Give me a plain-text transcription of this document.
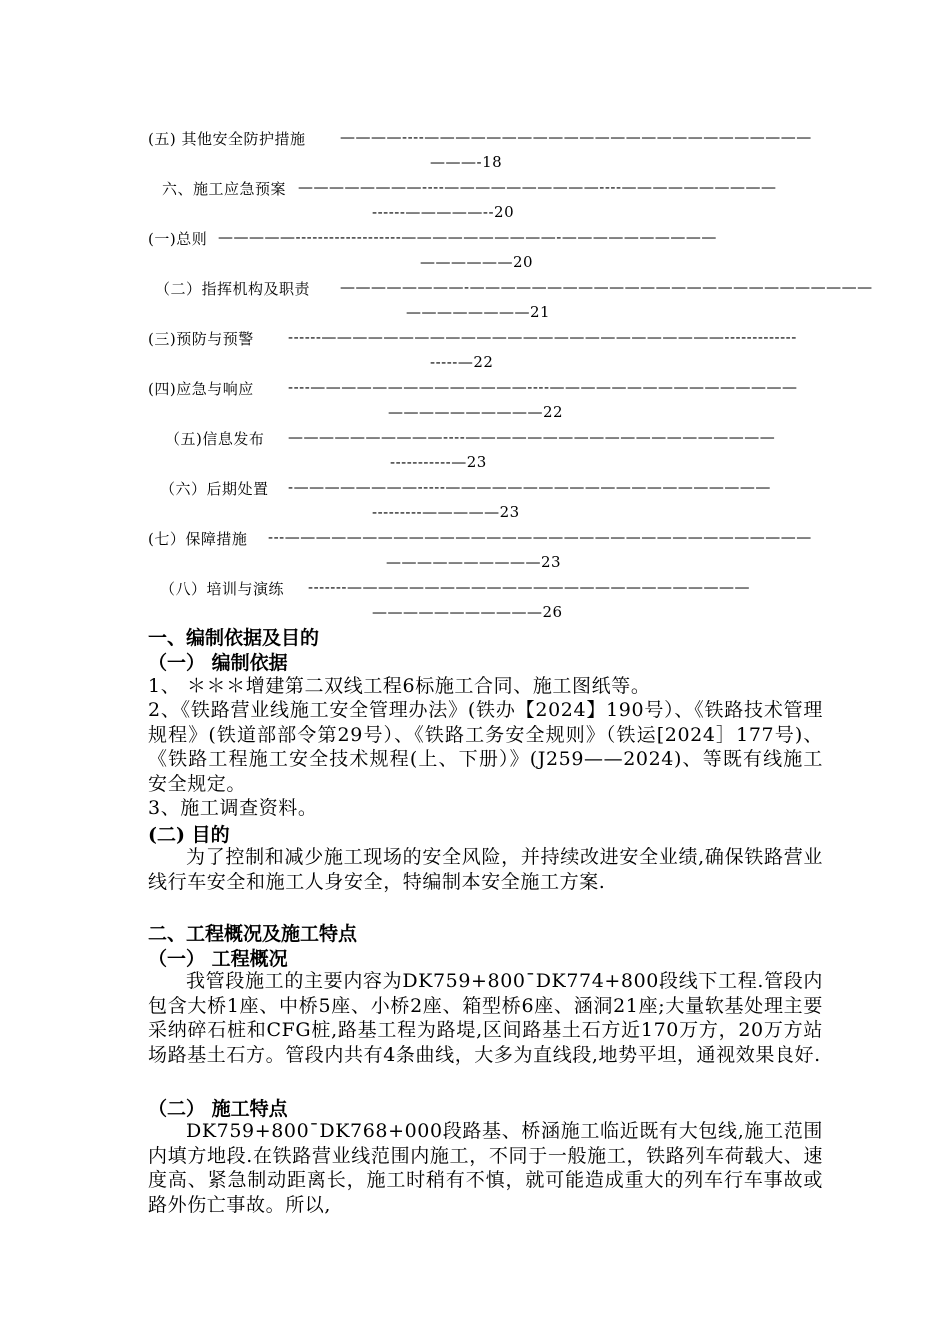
(五) 其他安全防护措施 ————----—————————————————————————
———-18
六、施工应急预案 ————————----——————————----——————————
------—————--20
(一)总则 —————-------------------——————————-——————————
——————20
（二）指挥机构及职责 ————————-——————————————————————————
————————21
(三)预防与预警 ------——————————————————————————-------------
-----—22
(四)应急与响应 ----——————————————----————————————————
——————————22
（五)信息发布 ——————————----————————————————————
-----------—23
（六）后期处置 -————————-----—————————————————————
---------—————23
(七）保障措施 ---——————————————————————————————————
——————————23
（八）培训与演练 -------——————————————————————————
———————————26
一、编制依据及目的
（一） 编制依据
1、 ＊＊＊增建第二双线工程6标施工合同、施工图纸等。
2、《铁路营业线施工安全管理办法》(铁办【2024】190号）、《铁路技术管理规程》(铁道部部令第29号）、《铁路工务安全规则》（铁运[2024］177号)、《铁路工程施工安全技术规程(上、下册）》(J259——2024)、等既有线施工安全规定。
3、施工调查资料。
(二) 目的
为了控制和减少施工现场的安全风险，并持续改进安全业绩,确保铁路营业线行车安全和施工人身安全，特编制本安全施工方案.
二、工程概况及施工特点
（一） 工程概况
我管段施工的主要内容为DK759+800¯DK774+800段线下工程.管段内包含大桥1座、中桥5座、小桥2座、箱型桥6座、涵洞21座;大量软基处理主要采纳碎石桩和CFG桩,路基工程为路堤,区间路基土石方近170万方，20万方站场路基土石方。管段内共有4条曲线，大多为直线段,地势平坦，通视效果良好.
（二） 施工特点
DK759+800¯DK768+000段路基、桥涵施工临近既有大包线,施工范围内填方地段.在铁路营业线范围内施工，不同于一般施工，铁路列车荷载大、速度高、紧急制动距离长，施工时稍有不慎，就可能造成重大的列车行车事故或路外伤亡事故。所以,
